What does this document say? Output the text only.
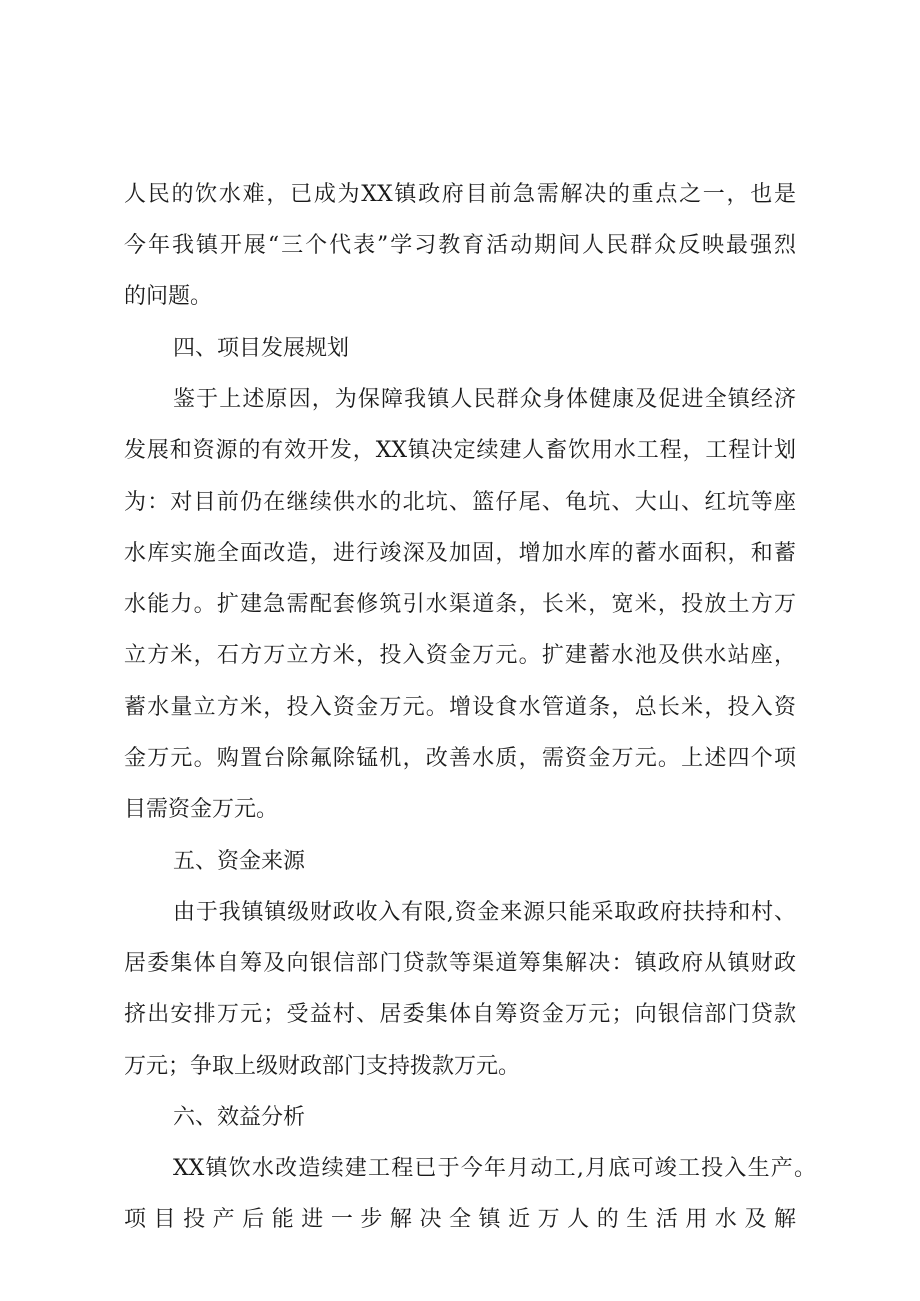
人民的饮水难，已成为XX镇政府目前急需解决的重点之一，也是
今年我镇开展“三个代表”学习教育活动期间人民群众反映最强烈
的问题。
四、项目发展规划
鉴于上述原因，为保障我镇人民群众身体健康及促进全镇经济
发展和资源的有效开发，XX镇决定续建人畜饮用水工程，工程计划
为：对目前仍在继续供水的北坑、篮仔尾、龟坑、大山、红坑等座
水库实施全面改造，进行竣深及加固，增加水库的蓄水面积，和蓄
水能力。扩建急需配套修筑引水渠道条，长米，宽米，投放土方万
立方米，石方万立方米，投入资金万元。扩建蓄水池及供水站座，
蓄水量立方米，投入资金万元。增设食水管道条，总长米，投入资
金万元。购置台除氟除锰机，改善水质，需资金万元。上述四个项
目需资金万元。
五、资金来源
由于我镇镇级财政收入有限,资金来源只能采取政府扶持和村、
居委集体自筹及向银信部门贷款等渠道筹集解决：镇政府从镇财政
挤出安排万元；受益村、居委集体自筹资金万元；向银信部门贷款
万元；争取上级财政部门支持拨款万元。
六、效益分析
XX镇饮水改造续建工程已于今年月动工,月底可竣工投入生产。
项目投产后能进一步解决全镇近万人的生活用水及解
